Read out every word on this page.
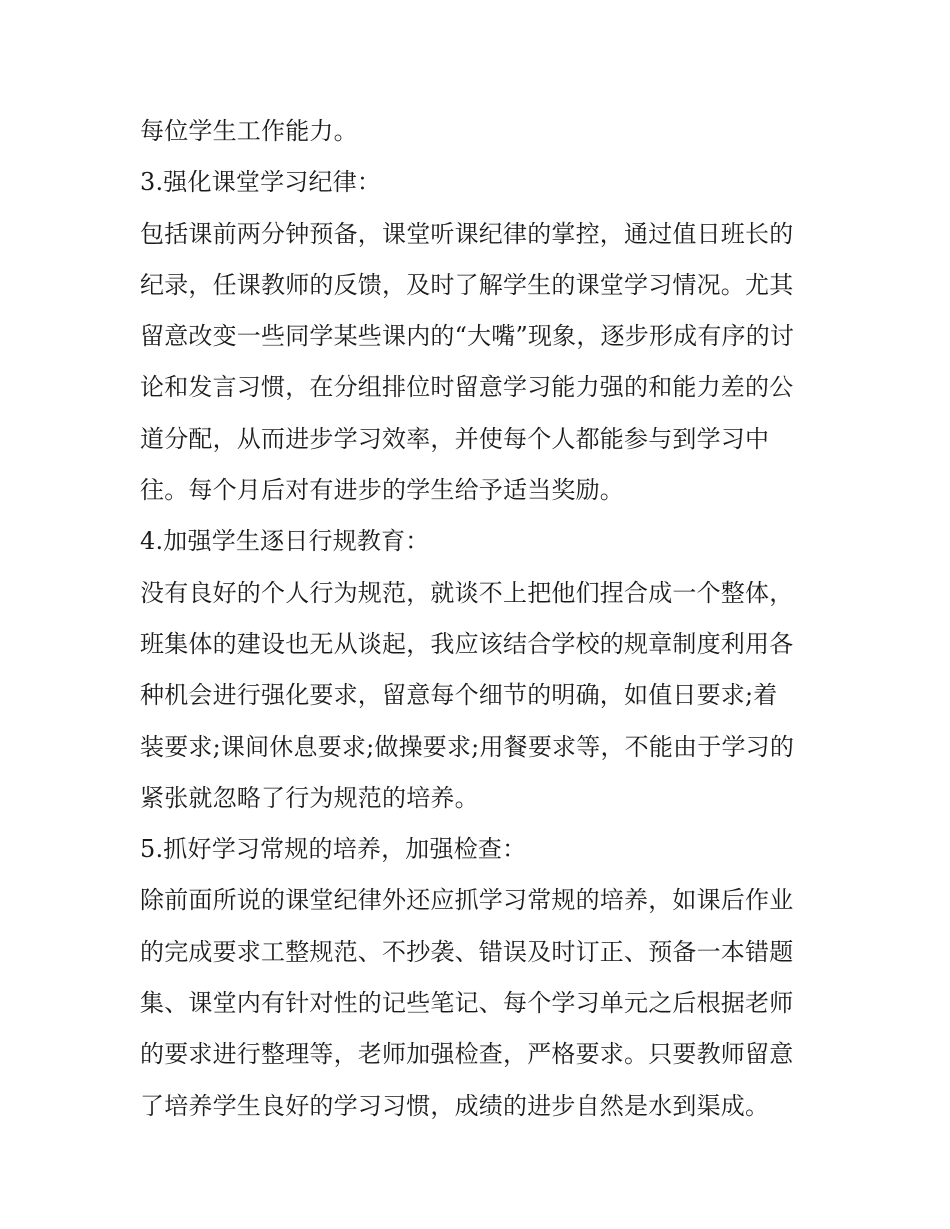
每位学生工作能力。
3.强化课堂学习纪律：
包括课前两分钟预备，课堂听课纪律的掌控，通过值日班长的
纪录，任课教师的反馈，及时了解学生的课堂学习情况。尤其
留意改变一些同学某些课内的“大嘴”现象，逐步形成有序的讨
论和发言习惯，在分组排位时留意学习能力强的和能力差的公
道分配，从而进步学习效率，并使每个人都能参与到学习中
往。每个月后对有进步的学生给予适当奖励。
4.加强学生逐日行规教育：
没有良好的个人行为规范，就谈不上把他们捏合成一个整体，
班集体的建设也无从谈起，我应该结合学校的规章制度利用各
种机会进行强化要求，留意每个细节的明确，如值日要求;着
装要求;课间休息要求;做操要求;用餐要求等，不能由于学习的
紧张就忽略了行为规范的培养。
5.抓好学习常规的培养，加强检查：
除前面所说的课堂纪律外还应抓学习常规的培养，如课后作业
的完成要求工整规范、不抄袭、错误及时订正、预备一本错题
集、课堂内有针对性的记些笔记、每个学习单元之后根据老师
的要求进行整理等，老师加强检查，严格要求。只要教师留意
了培养学生良好的学习习惯，成绩的进步自然是水到渠成。
